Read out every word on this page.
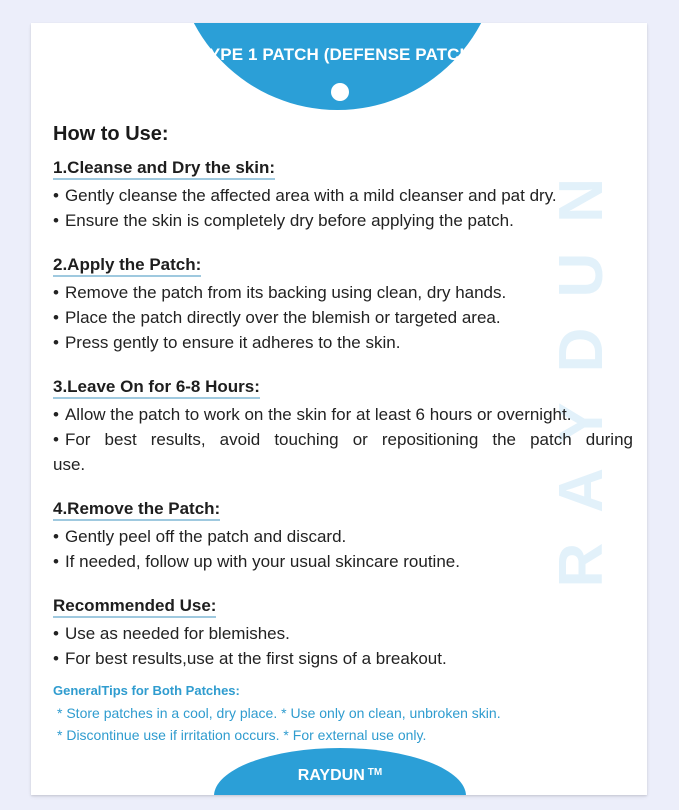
TYPE 1 PATCH (DEFENSE PATCH)
RAYDUN
How to Use:
1.Cleanse and Dry the skin:
• Gently cleanse the affected area with a mild cleanser and pat dry.
• Ensure the skin is completely dry before applying the patch.
2.Apply the Patch:
• Remove the patch from its backing using clean, dry hands.
• Place the patch directly over the blemish or targeted area.
• Press gently to ensure it adheres to the skin.
3.Leave On for 6-8 Hours:
• Allow the patch to work on the skin for at least 6 hours or overnight.
• For best results, avoid touching or repositioning the patch during
use.
4.Remove the Patch:
• Gently peel off the patch and discard.
• If needed, follow up with your usual skincare routine.
Recommended Use:
• Use as needed for blemishes.
• For best results,use at the first signs of a breakout.
GeneralTips for Both Patches:
* Store patches in a cool, dry place. * Use only on clean, unbroken skin.
* Discontinue use if irritation occurs. * For external use only.
RAYDUN ™
